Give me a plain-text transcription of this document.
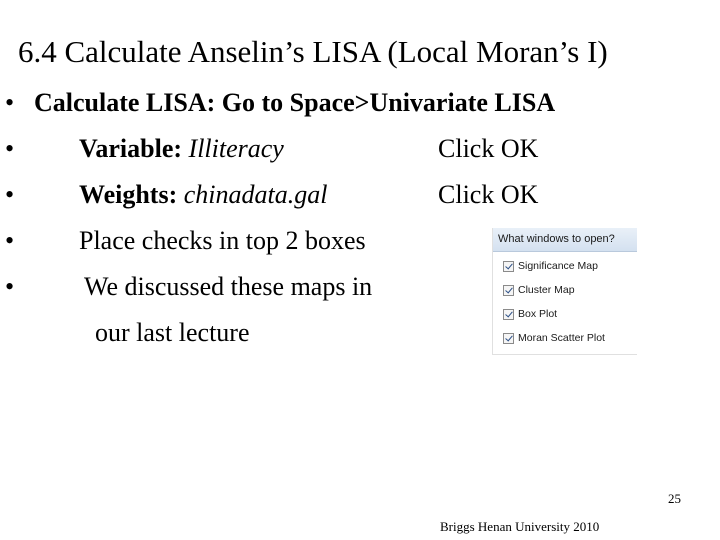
6.4 Calculate Anselin’s LISA (Local Moran’s I)
• Calculate LISA: Go to Space>Univariate LISA
• Variable: Illiteracy	Click OK
• Weights: chinadata.gal	Click OK
• Place checks in top 2 boxes
•	We discussed these maps in
our last lecture
What windows to open?
Significance Map
Cluster Map
Box Plot
Moran Scatter Plot
25
Briggs Henan University 2010
